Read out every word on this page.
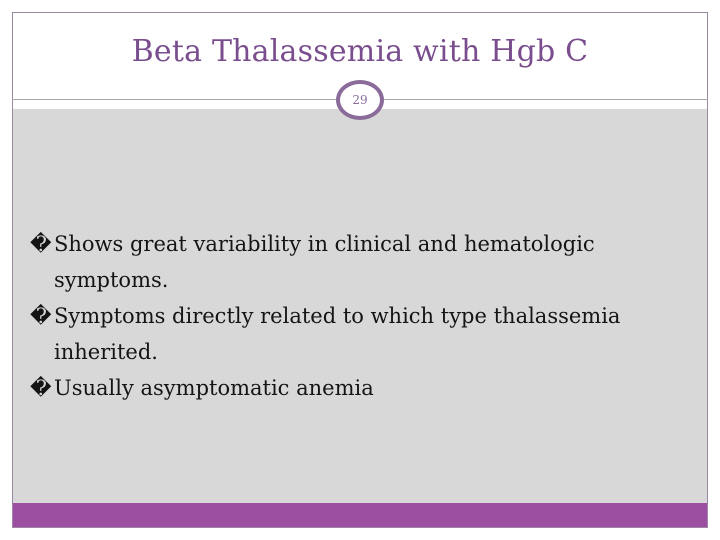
Beta Thalassemia with Hgb C
29
� Shows great variability in clinical and hematologic symptoms.
� Symptoms directly related to which type thalassemia inherited.
� Usually asymptomatic anemia
